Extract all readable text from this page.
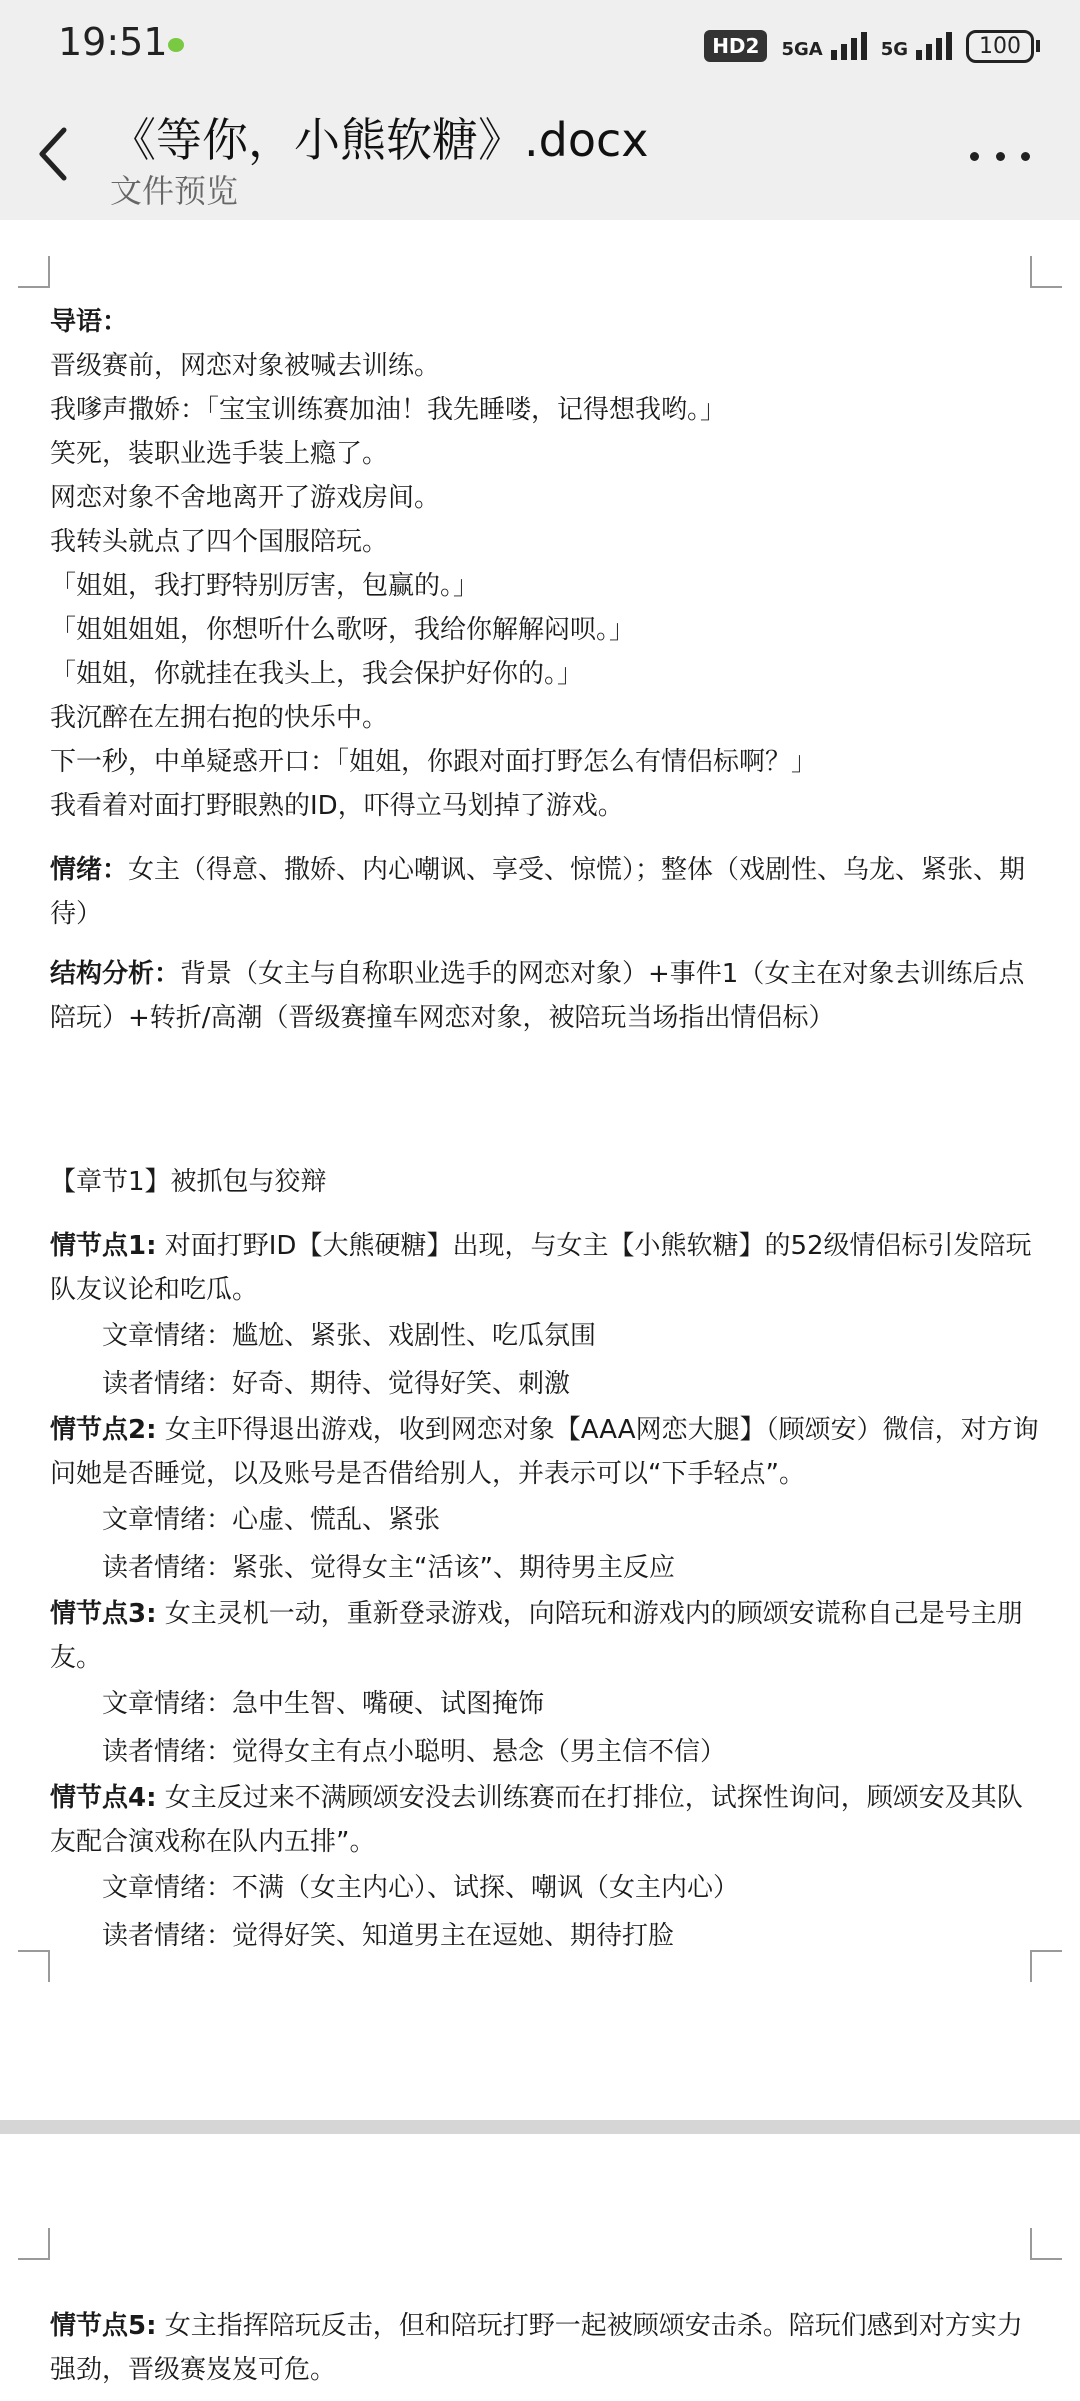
19:51	HD2	5GA	5G	100
《等你，小熊软糖》.docx
文件预览

导语：

晋级赛前，网恋对象被喊去训练。

我嗲声撒娇：「宝宝训练赛加油！我先睡喽，记得想我哟。」

笑死，装职业选手装上瘾了。

网恋对象不舍地离开了游戏房间。

我转头就点了四个国服陪玩。

「姐姐，我打野特别厉害，包赢的。」

「姐姐姐姐，你想听什么歌呀，我给你解解闷呗。」

「姐姐，你就挂在我头上，我会保护好你的。」

我沉醉在左拥右抱的快乐中。

下一秒，中单疑惑开口：「姐姐，你跟对面打野怎么有情侣标啊？」

我看着对面打野眼熟的ID，吓得立马划掉了游戏。

情绪：女主（得意、撒娇、内心嘲讽、享受、惊慌）；整体（戏剧性、乌龙、紧张、期待）

结构分析：背景（女主与自称职业选手的网恋对象）+事件1（女主在对象去训练后点陪玩）+转折/高潮（晋级赛撞车网恋对象，被陪玩当场指出情侣标）

【章节1】被抓包与狡辩

情节点1: 对面打野ID【大熊硬糖】出现，与女主【小熊软糖】的52级情侣标引发陪玩队友议论和吃瓜。

文章情绪：尴尬、紧张、戏剧性、吃瓜氛围

读者情绪：好奇、期待、觉得好笑、刺激

情节点2: 女主吓得退出游戏，收到网恋对象【AAA网恋大腿】（顾颂安）微信，对方询问她是否睡觉，以及账号是否借给别人，并表示可以“下手轻点”。

文章情绪：心虚、慌乱、紧张

读者情绪：紧张、觉得女主“活该”、期待男主反应

情节点3: 女主灵机一动，重新登录游戏，向陪玩和游戏内的顾颂安谎称自己是号主朋友。

文章情绪：急中生智、嘴硬、试图掩饰

读者情绪：觉得女主有点小聪明、悬念（男主信不信）

情节点4: 女主反过来不满顾颂安没去训练赛而在打排位，试探性询问，顾颂安及其队友配合演戏称在队内五排”。

文章情绪：不满（女主内心）、试探、嘲讽（女主内心）

读者情绪：觉得好笑、知道男主在逗她、期待打脸

情节点5: 女主指挥陪玩反击，但和陪玩打野一起被顾颂安击杀。陪玩们感到对方实力强劲，晋级赛岌岌可危。
